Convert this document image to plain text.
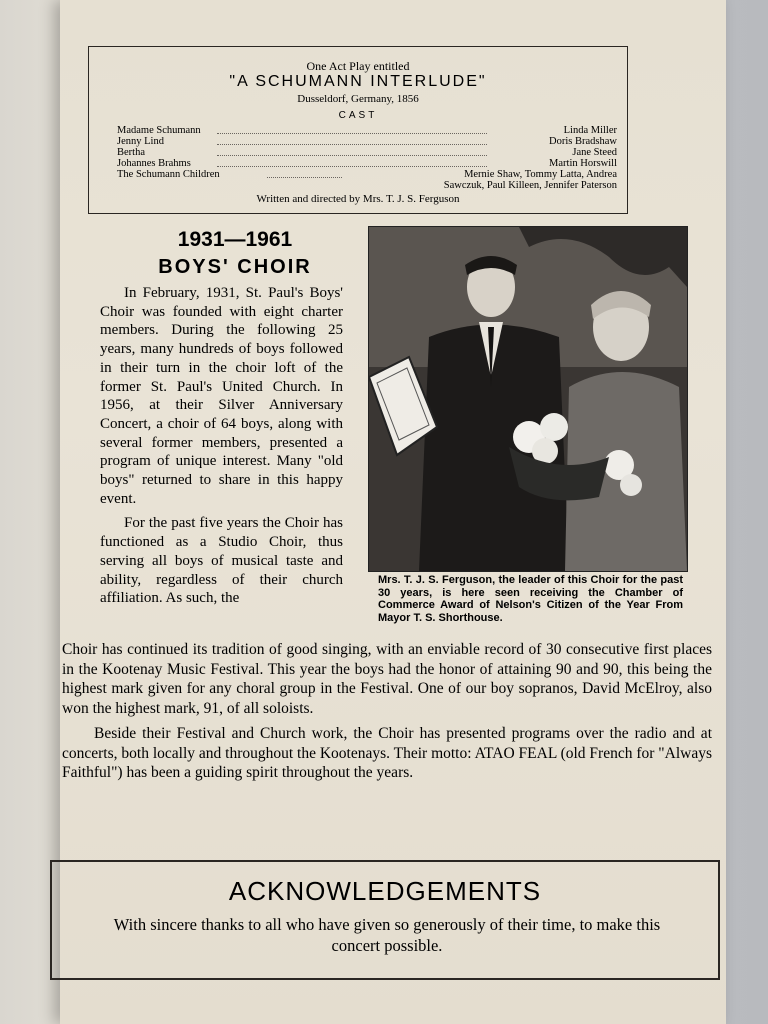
One Act Play entitled
"A SCHUMANN INTERLUDE"
Dusseldorf, Germany, 1856
CAST
Madame Schumann	Linda Miller
Jenny Lind	Doris Bradshaw
Bertha	Jane Steed
Johannes Brahms	Martin Horswill
The Schumann Children	Mernie Shaw, Tommy Latta, Andrea
Sawczuk, Paul Killeen, Jennifer Paterson
Written and directed by Mrs. T. J. S. Ferguson
1931—1961
BOYS' CHOIR

In February, 1931, St. Paul's Boys' Choir was founded with eight charter members. During the following 25 years, many hundreds of boys followed in their turn in the choir loft of the former St. Paul's United Church. In 1956, at their Silver Anniversary Concert, a choir of 64 boys, along with several former members, presented a program of unique interest. Many "old boys" returned to share in this happy event.

For the past five years the Choir has functioned as a Studio Choir, thus serving all boys of musical taste and ability, regardless of their church affiliation. As such, the

Mrs. T. J. S. Ferguson, the leader of this Choir for the past 30 years, is here seen receiving the Chamber of Commerce Award of Nelson's Citizen of the Year From Mayor T. S. Shorthouse.

Choir has continued its tradition of good singing, with an enviable record of 30 consecutive first places in the Kootenay Music Festival. This year the boys had the honor of attaining 90 and 90, this being the highest mark given for any choral group in the Festival. One of our boy sopranos, David McElroy, also won the highest mark, 91, of all soloists.

Beside their Festival and Church work, the Choir has presented programs over the radio and at concerts, both locally and throughout the Kootenays. Their motto: ATAO FEAL (old French for "Always Faithful") has been a guiding spirit throughout the years.

ACKNOWLEDGEMENTS
With sincere thanks to all who have given so generously of their time, to make this concert possible.
